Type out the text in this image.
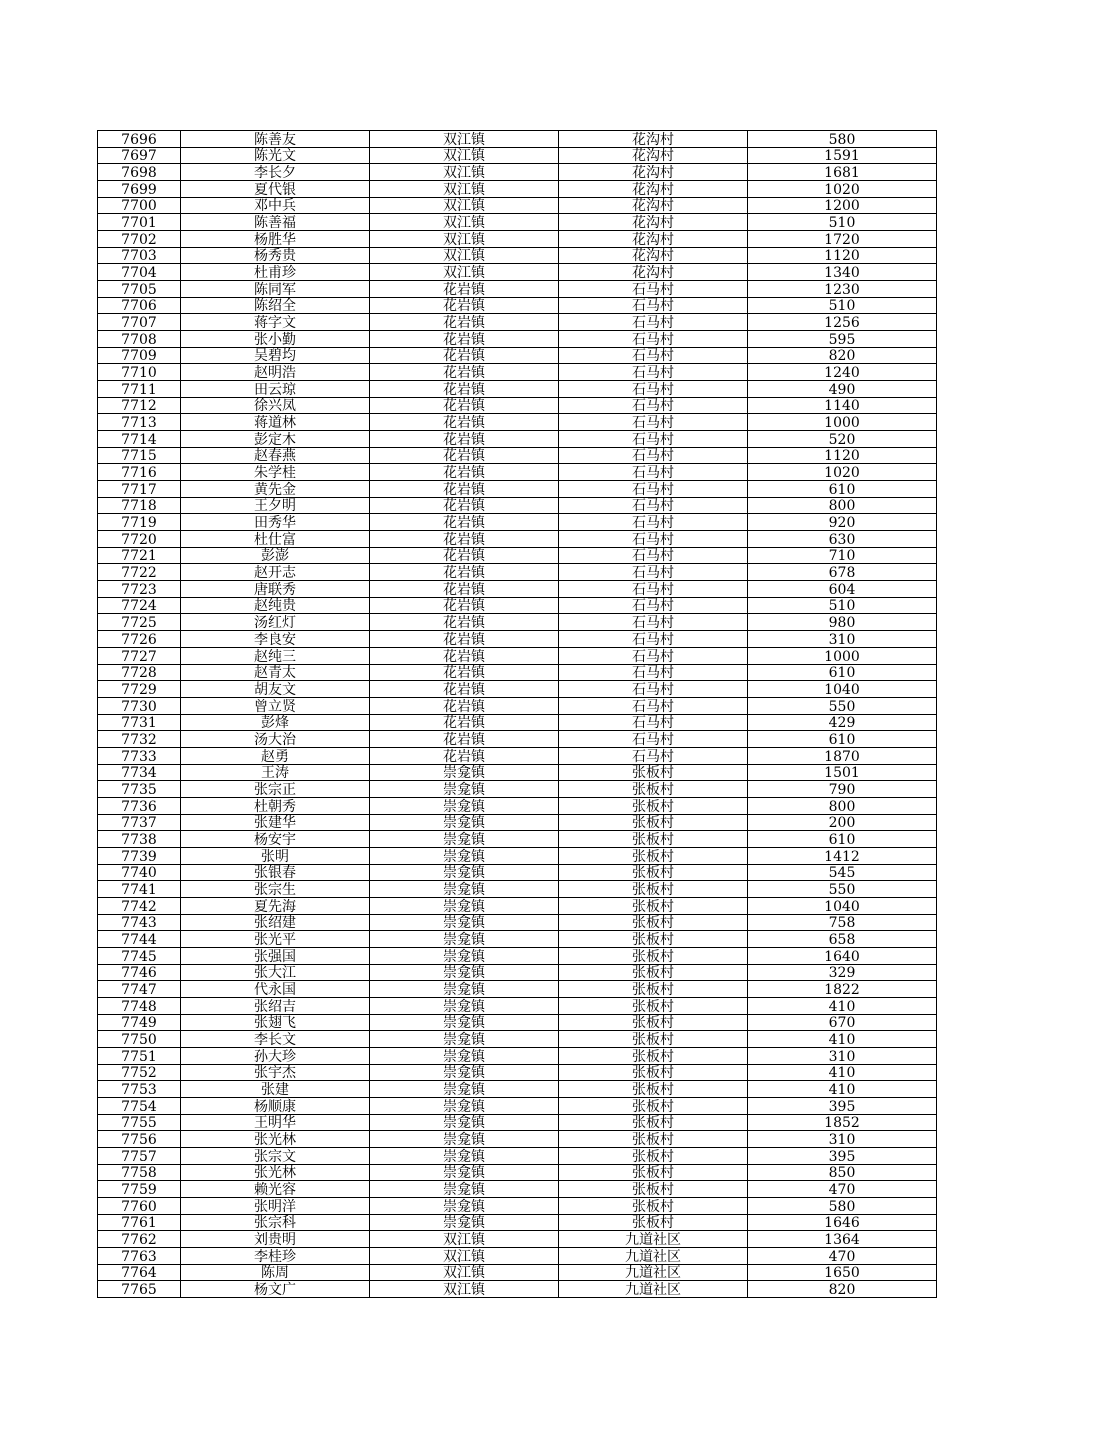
7696	陈善友	双江镇	花沟村	580
7697	陈光文	双江镇	花沟村	1591
7698	李长夕	双江镇	花沟村	1681
7699	夏代银	双江镇	花沟村	1020
7700	邓中兵	双江镇	花沟村	1200
7701	陈善福	双江镇	花沟村	510
7702	杨胜华	双江镇	花沟村	1720
7703	杨秀贵	双江镇	花沟村	1120
7704	杜甫珍	双江镇	花沟村	1340
7705	陈同军	花岩镇	石马村	1230
7706	陈绍全	花岩镇	石马村	510
7707	蒋字文	花岩镇	石马村	1256
7708	张小勤	花岩镇	石马村	595
7709	吴碧均	花岩镇	石马村	820
7710	赵明浩	花岩镇	石马村	1240
7711	田云琼	花岩镇	石马村	490
7712	徐兴凤	花岩镇	石马村	1140
7713	蒋道林	花岩镇	石马村	1000
7714	彭定木	花岩镇	石马村	520
7715	赵春燕	花岩镇	石马村	1120
7716	朱学桂	花岩镇	石马村	1020
7717	黄先金	花岩镇	石马村	610
7718	王夕明	花岩镇	石马村	800
7719	田秀华	花岩镇	石马村	920
7720	杜仕富	花岩镇	石马村	630
7721	彭澎	花岩镇	石马村	710
7722	赵开志	花岩镇	石马村	678
7723	唐联秀	花岩镇	石马村	604
7724	赵纯贵	花岩镇	石马村	510
7725	汤红灯	花岩镇	石马村	980
7726	李良安	花岩镇	石马村	310
7727	赵纯三	花岩镇	石马村	1000
7728	赵青太	花岩镇	石马村	610
7729	胡友文	花岩镇	石马村	1040
7730	曾立贤	花岩镇	石马村	550
7731	彭烽	花岩镇	石马村	429
7732	汤大治	花岩镇	石马村	610
7733	赵勇	花岩镇	石马村	1870
7734	王涛	崇龛镇	张板村	1501
7735	张宗正	崇龛镇	张板村	790
7736	杜朝秀	崇龛镇	张板村	800
7737	张建华	崇龛镇	张板村	200
7738	杨安宇	崇龛镇	张板村	610
7739	张明	崇龛镇	张板村	1412
7740	张银春	崇龛镇	张板村	545
7741	张宗生	崇龛镇	张板村	550
7742	夏先海	崇龛镇	张板村	1040
7743	张绍建	崇龛镇	张板村	758
7744	张光平	崇龛镇	张板村	658
7745	张强国	崇龛镇	张板村	1640
7746	张大江	崇龛镇	张板村	329
7747	代永国	崇龛镇	张板村	1822
7748	张绍吉	崇龛镇	张板村	410
7749	张翅飞	崇龛镇	张板村	670
7750	李长文	崇龛镇	张板村	410
7751	孙大珍	崇龛镇	张板村	310
7752	张宇杰	崇龛镇	张板村	410
7753	张建	崇龛镇	张板村	410
7754	杨顺康	崇龛镇	张板村	395
7755	王明华	崇龛镇	张板村	1852
7756	张光林	崇龛镇	张板村	310
7757	张宗文	崇龛镇	张板村	395
7758	张光林	崇龛镇	张板村	850
7759	赖光容	崇龛镇	张板村	470
7760	张明洋	崇龛镇	张板村	580
7761	张宗科	崇龛镇	张板村	1646
7762	刘贵明	双江镇	九道社区	1364
7763	李桂珍	双江镇	九道社区	470
7764	陈周	双江镇	九道社区	1650
7765	杨文广	双江镇	九道社区	820
